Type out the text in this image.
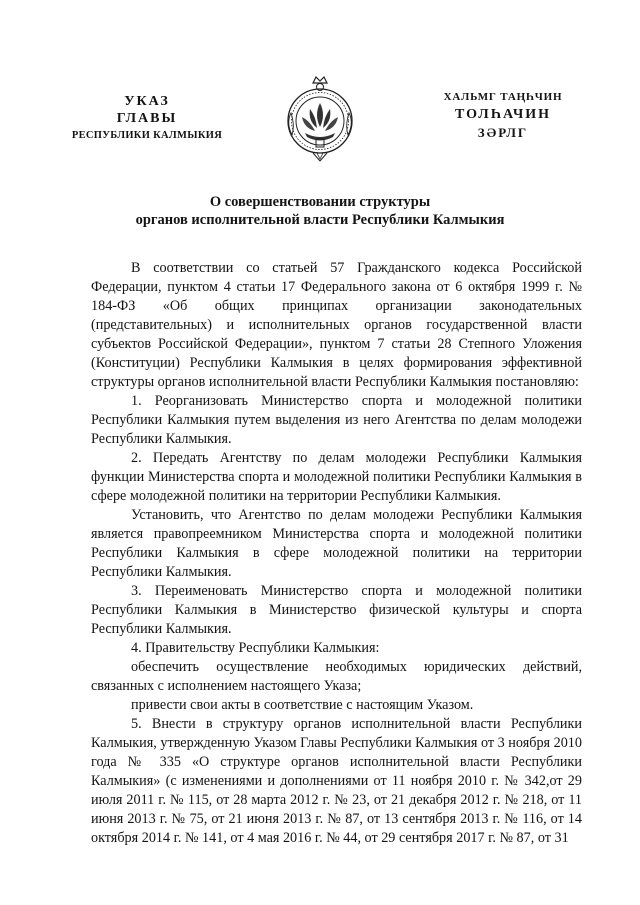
УКАЗ
ГЛАВЫ
РЕСПУБЛИКИ КАЛМЫКИЯ
ХАЛЬМГ ТАҢҺЧИН
ТОЛҺАЧИН
ЗӘРЛГ
О совершенствовании структуры
органов исполнительной власти Республики Калмыкия

В соответствии со статьей 57 Гражданского кодекса Российской Федерации, пунктом 4 статьи 17 Федерального закона от 6 октября 1999 г. № 184-ФЗ «Об общих принципах организации законодательных (представительных) и исполнительных органов государственной власти субъектов Российской Федерации», пунктом 7 статьи 28 Степного Уложения (Конституции) Республики Калмыкия в целях формирования эффективной структуры органов исполнительной власти Республики Калмыкия постановляю:

1. Реорганизовать Министерство спорта и молодежной политики Республики Калмыкия путем выделения из него Агентства по делам молодежи Республики Калмыкия.

2. Передать Агентству по делам молодежи Республики Калмыкия функции Министерства спорта и молодежной политики Республики Калмыкия в сфере молодежной политики на территории Республики Калмыкия.

Установить, что Агентство по делам молодежи Республики Калмыкия является правопреемником Министерства спорта и молодежной политики Республики Калмыкия в сфере молодежной политики на территории Республики Калмыкия.

3. Переименовать Министерство спорта и молодежной политики Республики Калмыкия в Министерство физической культуры и спорта Республики Калмыкия.

4. Правительству Республики Калмыкия:

обеспечить осуществление необходимых юридических действий, связанных с исполнением настоящего Указа;

привести свои акты в соответствие с настоящим Указом.

5. Внести в структуру органов исполнительной власти Республики Калмыкия, утвержденную Указом Главы Республики Калмыкия от 3 ноября 2010 года № 335 «О структуре органов исполнительной власти Республики Калмыкия» (с изменениями и дополнениями от 11 ноября 2010 г. № 342,от 29 июля 2011 г. № 115, от 28 марта 2012 г. № 23, от 21 декабря 2012 г. № 218, от 11 июня 2013 г. № 75, от 21 июня 2013 г. № 87, от 13 сентября 2013 г. № 116, от 14 октября 2014 г. № 141, от 4 мая 2016 г. № 44, от 29 сентября 2017 г. № 87, от 31
